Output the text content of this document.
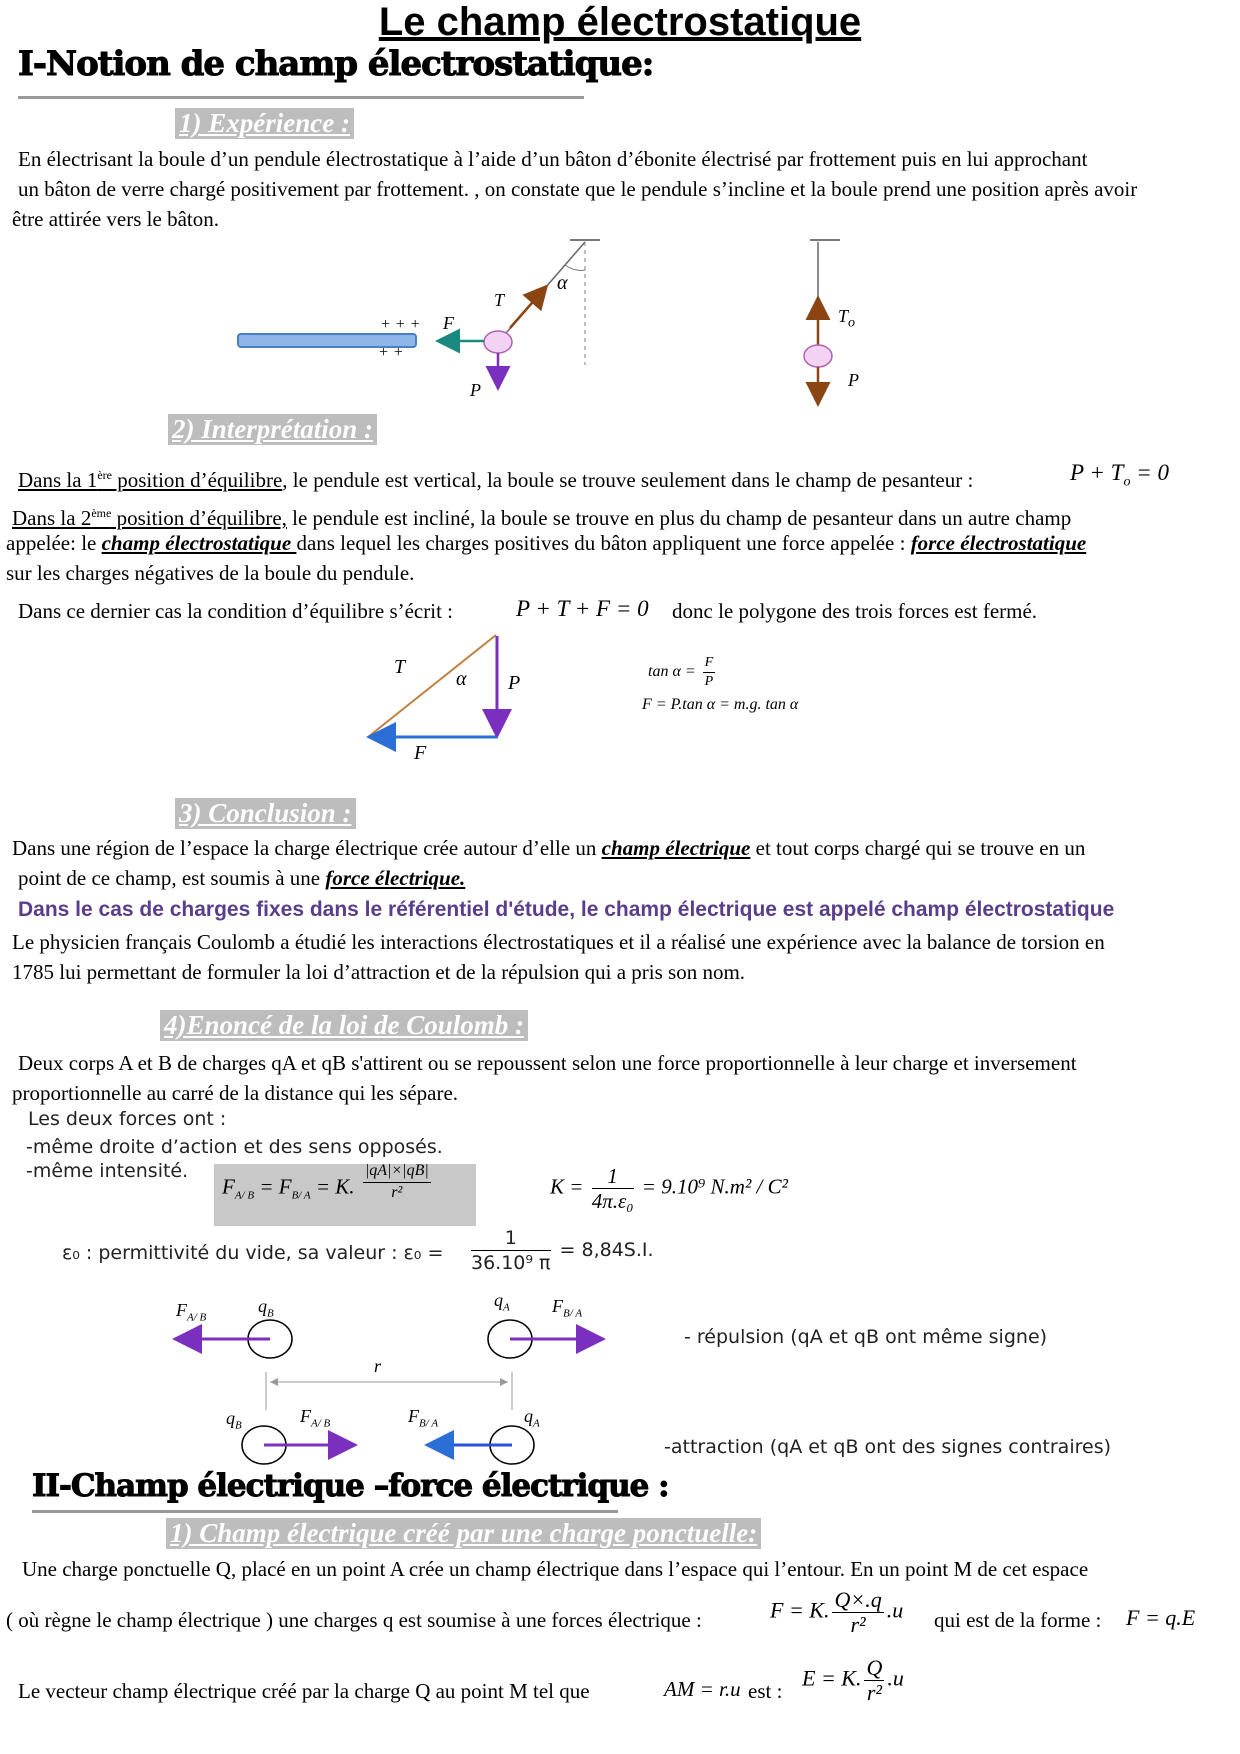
Le champ électrostatique
I-Notion de champ électrostatique:
1) Expérience :
En électrisant la boule d’un pendule électrostatique à l’aide d’un bâton d’ébonite électrisé par frottement puis en lui approchant
un bâton de verre chargé positivement par frottement. , on constate que le pendule s’incline et la boule prend une position après avoir
être attirée vers le bâton.
+ + +
+ +
T
F
P
α
$T_o$
P
2) Interprétation :
Dans la 1ère position d’équilibre, le pendule est vertical, la boule se trouve seulement dans le champ de pesanteur :	$P + T_o = 0$
Dans la 2ème position d’équilibre, le pendule est incliné, la boule se trouve en plus du champ de pesanteur dans un autre champ
appelée: le champ électrostatique dans lequel les charges positives du bâton appliquent une force appelée : force électrostatique
sur les charges négatives de la boule du pendule.
Dans ce dernier cas la condition d’équilibre s’écrit :	P + T + F = 0 donc le polygone des trois forces est fermé.
T
α P
F
$\tan \alpha = \frac{F}{P}$
F = P.tan α = m.g. tan α
3) Conclusion :
Dans une région de l’espace la charge électrique crée autour d’elle un champ électrique et tout corps chargé qui se trouve en un
point de ce champ, est soumis à une force électrique.
Dans le cas de charges fixes dans le référentiel d'étude, le champ électrique est appelé champ électrostatique
Le physicien français Coulomb a étudié les interactions électrostatiques et il a réalisé une expérience avec la balance de torsion en
1785 lui permettant de formuler la loi d’attraction et de la répulsion qui a pris son nom.
4)Enoncé de la loi de Coulomb :
Deux corps A et B de charges qA et qB s'attirent ou se repoussent selon une force proportionnelle à leur charge et inversement
proportionnelle au carré de la distance qui les sépare.
Les deux forces ont :
-même droite d’action et des sens opposés.
-même intensité.
$F_{A/ B} = F_{B/ A} = K$. $\frac{|qA|\times|qB|}{\text{r²}}$	$K = \frac{1}{\text{4π.ε₀}} = 9.10^9$ N.m² / C²
ε₀ : permittivité du vide, sa valeur : $\varepsilon_0 = \frac{1}{\text{36.10⁹ π}} = 8,84S.I$.
$F_{A/ B}$
$q_B$
$q_A$ $F_{B/ A}$
- répulsion (qA et qB ont même signe)
r
$q_B$	$F_{A/ B}$	$F_{B/ A}$	$q_A$
-attraction (qA et qB ont des signes contraires)
II-Champ électrique –force électrique :
1) Champ électrique créé par une charge ponctuelle:
Une charge ponctuelle Q, placé en un point A crée un champ électrique dans l’espace qui l’entour. En un point M de cet espace
( où règne le champ électrique ) une charges q est soumise à une forces électrique :	F = K. $\frac{Q\times.q}{\text{r²}} .u$ qui est de la forme : F = q.E
Le vecteur champ électrique créé par la charge Q au point M tel que	AM = r.u est :
E = K. $\frac{Q}{\text{r²}} .u$
